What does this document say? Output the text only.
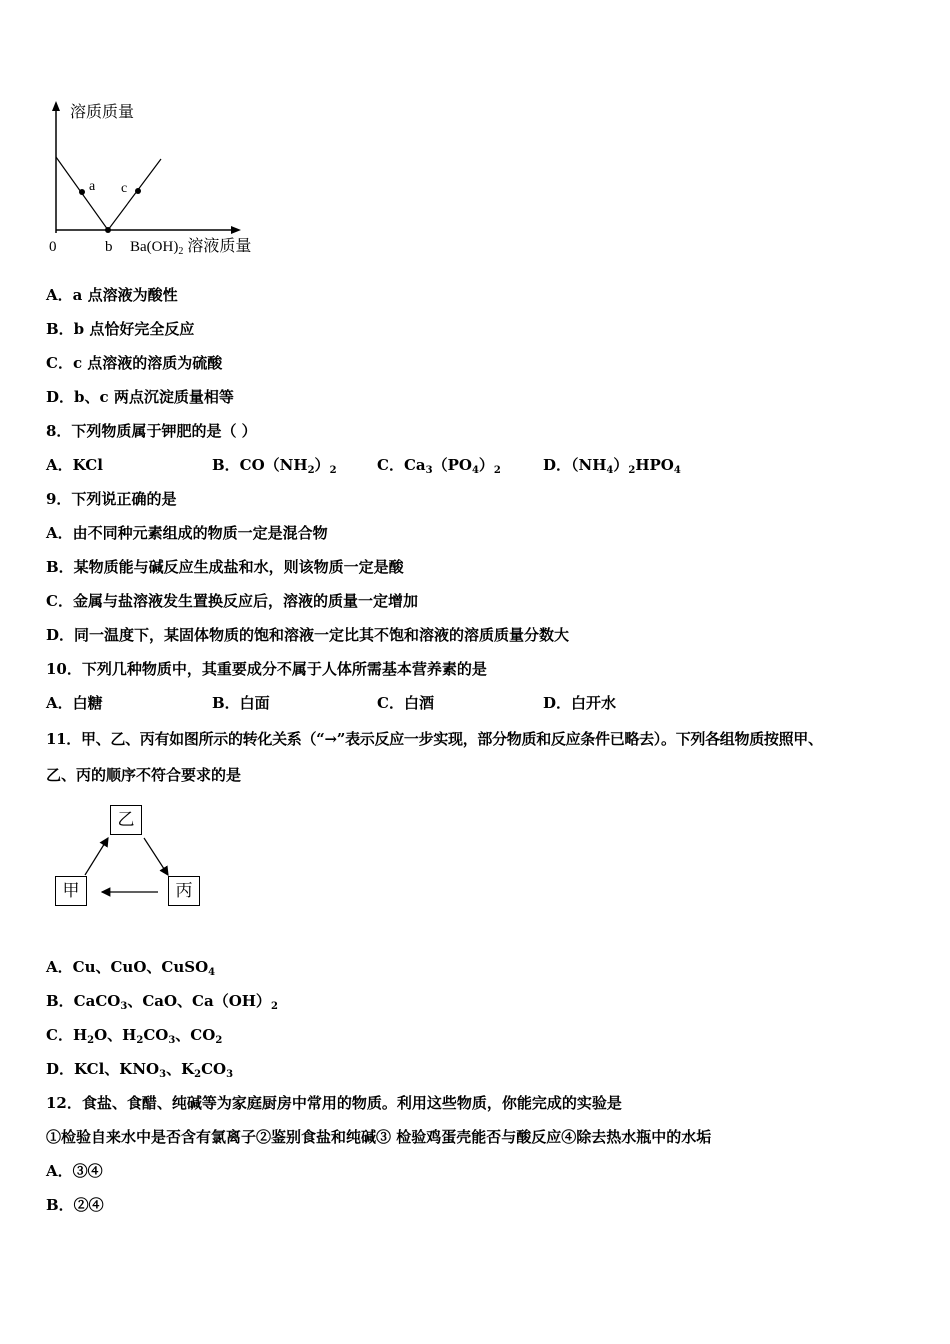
溶质质量
a c
0	b $Ba(OH)_2$ 溶液质量
A．a 点溶液为酸性
B．b 点恰好完全反应
C．c 点溶液的溶质为硫酸
D．b、c 两点沉淀质量相等
8．下列物质属于钾肥的是（ ）
A．KCl	B．$CO(NH_2)_2$	C．$Ca_3(PO_4)_2$	D．$(NH_4)_2HPO_4$
9．下列说正确的是
A．由不同种元素组成的物质一定是混合物
B．某物质能与碱反应生成盐和水，则该物质一定是酸
C．金属与盐溶液发生置换反应后，溶液的质量一定增加
D．同一温度下，某固体物质的饱和溶液一定比其不饱和溶液的溶质质量分数大
10．下列几种物质中，其重要成分不属于人体所需基本营养素的是
A．白糖	B．白面	C．白酒	D．白开水
11．甲、乙、丙有如图所示的转化关系（“→”表示反应一步实现，部分物质和反应条件已略去）。下列各组物质按照甲、
乙、丙的顺序不符合要求的是
乙
甲	丙
A．Cu、CuO、CuSO$_4$
B．CaCO$_3$、CaO、$Ca(OH)_2$
C．$H_2O$、$H_2CO_3$、$CO_2$
D．KCl、$KNO_3$、$K_2CO_3$
12．食盐、食醋、纯碱等为家庭厨房中常用的物质。利用这些物质，你能完成的实验是
①检验自来水中是否含有氯离子②鉴别食盐和纯碱③ 检验鸡蛋壳能否与酸反应④除去热水瓶中的水垢
A．③④
B．②④
